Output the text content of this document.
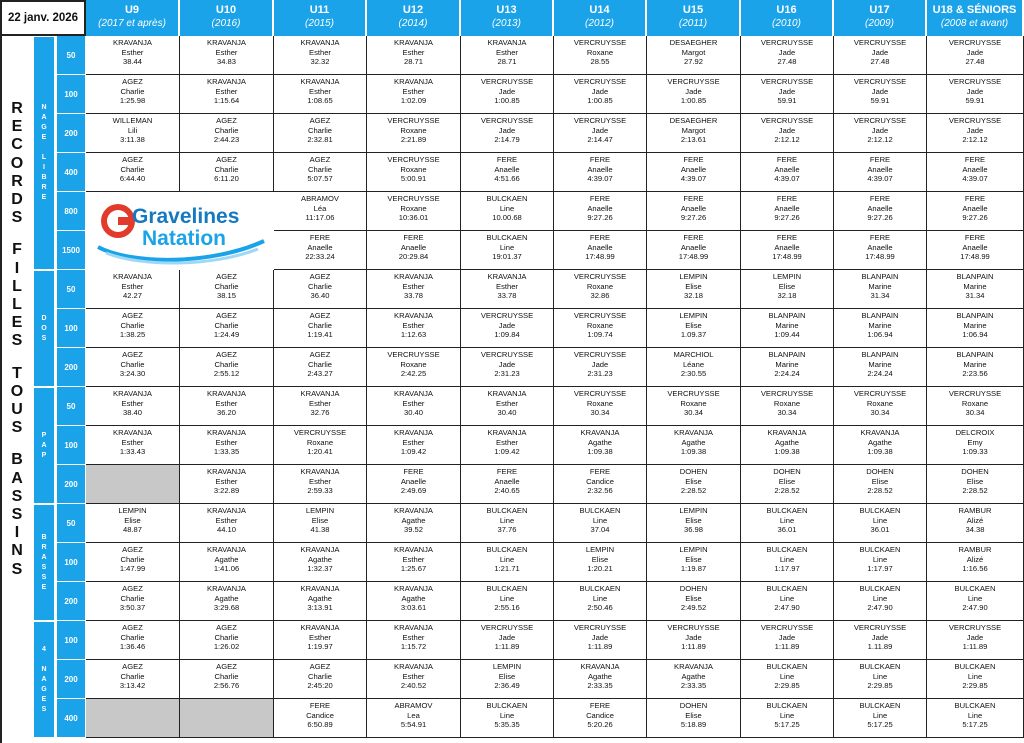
22 janv. 2026
U9
(2017 et après)
U10
(2016)
U11
(2015)
U12
(2014)
U13
(2013)
U14
(2012)
U15
(2011)
U16
(2010)
U17
(2009)
U18 & SÉNIORS
(2008 et avant)
R
E
C
O
R
D
S
F
I
L
L
E
S
T
O
U
S
B
A
S
S
I
N
S
50
KRAVANJA
Esther
38.44
KRAVANJA
Esther
34.83
KRAVANJA
Esther
32.32
KRAVANJA
Esther
28.71
KRAVANJA
Esther
28.71
VERCRUYSSE
Roxane
28.55
DESAEGHER
Margot
27.92
VERCRUYSSE
Jade
27.48
VERCRUYSSE
Jade
27.48
VERCRUYSSE
Jade
27.48
100
AGEZ
Charlie
1:25.98
KRAVANJA
Esther
1:15.64
KRAVANJA
Esther
1:08.65
KRAVANJA
Esther
1:02.09
VERCRUYSSE
Jade
1:00.85
VERCRUYSSE
Jade
1:00.85
VERCRUYSSE
Jade
1:00.85
VERCRUYSSE
Jade
59.91
VERCRUYSSE
Jade
59.91
VERCRUYSSE
Jade
59.91
200
WILLEMAN
Lili
3:11.38
AGEZ
Charlie
2:44.23
AGEZ
Charlie
2:32.81
VERCRUYSSE
Roxane
2:21.89
VERCRUYSSE
Jade
2:14.79
VERCRUYSSE
Jade
2:14.47
DESAEGHER
Margot
2:13.61
VERCRUYSSE
Jade
2:12.12
VERCRUYSSE
Jade
2:12.12
VERCRUYSSE
Jade
2:12.12
400
AGEZ
Charlie
6:44.40
AGEZ
Charlie
6:11.20
AGEZ
Charlie
5:07.57
VERCRUYSSE
Roxane
5:00.91
FERE
Anaelle
4:51.66
FERE
Anaelle
4:39.07
FERE
Anaelle
4:39.07
FERE
Anaelle
4:39.07
FERE
Anaelle
4:39.07
FERE
Anaelle
4:39.07
800
ABRAMOV
Léa
11:17.06
VERCRUYSSE
Roxane
10:36.01
BULCKAEN
Line
10.00.68
FERE
Anaelle
9:27.26
FERE
Anaelle
9:27.26
FERE
Anaelle
9:27.26
FERE
Anaelle
9:27.26
FERE
Anaelle
9:27.26
1500
FERE
Anaelle
22:33.24
FERE
Anaelle
20:29.84
BULCKAEN
Line
19:01.37
FERE
Anaelle
17:48.99
FERE
Anaelle
17:48.99
FERE
Anaelle
17:48.99
FERE
Anaelle
17:48.99
FERE
Anaelle
17:48.99
N
A
G
E

L
I
B
R
E
50
KRAVANJA
Esther
42.27
AGEZ
Charlie
38.15
AGEZ
Charlie
36.40
KRAVANJA
Esther
33.78
KRAVANJA
Esther
33.78
VERCRUYSSE
Roxane
32.86
LEMPIN
Elise
32.18
LEMPIN
Elise
32.18
BLANPAIN
Marine
31.34
BLANPAIN
Marine
31.34
100
AGEZ
Charlie
1:38.25
AGEZ
Charlie
1:24.49
AGEZ
Charlie
1:19.41
KRAVANJA
Esther
1:12.63
VERCRUYSSE
Jade
1:09.84
VERCRUYSSE
Roxane
1:09.74
LEMPIN
Elise
1.09.37
BLANPAIN
Marine
1:09.44
BLANPAIN
Marine
1:06.94
BLANPAIN
Marine
1:06.94
200
AGEZ
Charlie
3:24.30
AGEZ
Charlie
2:55.12
AGEZ
Charlie
2:43.27
VERCRUYSSE
Roxane
2:42.25
VERCRUYSSE
Jade
2:31.23
VERCRUYSSE
Jade
2:31.23
MARCHIOL
Léane
2:30.55
BLANPAIN
Marine
2:24.24
BLANPAIN
Marine
2:24.24
BLANPAIN
Marine
2:23.56
D
O
S
50
KRAVANJA
Esther
38.40
KRAVANJA
Esther
36.20
KRAVANJA
Esther
32.76
KRAVANJA
Esther
30.40
KRAVANJA
Esther
30.40
VERCRUYSSE
Roxane
30.34
VERCRUYSSE
Roxane
30.34
VERCRUYSSE
Roxane
30.34
VERCRUYSSE
Roxane
30.34
VERCRUYSSE
Roxane
30.34
100
KRAVANJA
Esther
1:33.43
KRAVANJA
Esther
1:33.35
VERCRUYSSE
Roxane
1:20.41
KRAVANJA
Esther
1:09.42
KRAVANJA
Esther
1:09.42
KRAVANJA
Agathe
1:09.38
KRAVANJA
Agathe
1:09.38
KRAVANJA
Agathe
1:09.38
KRAVANJA
Agathe
1:09.38
DELCROIX
Emy
1:09.33
200
KRAVANJA
Esther
3:22.89
KRAVANJA
Esther
2:59.33
FERE
Anaelle
2:49.69
FERE
Anaelle
2:40.65
FERE
Candice
2:32.56
DOHEN
Elise
2:28.52
DOHEN
Elise
2:28.52
DOHEN
Elise
2:28.52
DOHEN
Elise
2:28.52
P
A
P
50
LEMPIN
Elise
48.87
KRAVANJA
Esther
44.10
LEMPIN
Elise
41.38
KRAVANJA
Agathe
39.52
BULCKAEN
Line
37.76
BULCKAEN
Line
37.04
LEMPIN
Elise
36.98
BULCKAEN
Line
36.01
BULCKAEN
Line
36.01
RAMBUR
Alizé
34.38
100
AGEZ
Charlie
1:47.99
KRAVANJA
Agathe
1:41.06
KRAVANJA
Agathe
1:32.37
KRAVANJA
Esther
1:25.67
BULCKAEN
Line
1:21.71
LEMPIN
Elise
1:20.21
LEMPIN
Elise
1:19.87
BULCKAEN
Line
1:17.97
BULCKAEN
Line
1:17.97
RAMBUR
Alizé
1:16.56
200
AGEZ
Charlie
3:50.37
KRAVANJA
Agathe
3:29.68
KRAVANJA
Agathe
3:13.91
KRAVANJA
Agathe
3:03.61
BULCKAEN
Line
2:55.16
BULCKAEN
Line
2:50.46
DOHEN
Elise
2:49.52
BULCKAEN
Line
2:47.90
BULCKAEN
Line
2:47.90
BULCKAEN
Line
2:47.90
B
R
A
S
S
E
100
AGEZ
Charlie
1:36.46
AGEZ
Charlie
1:26.02
KRAVANJA
Esther
1:19.97
KRAVANJA
Esther
1:15.72
VERCRUYSSE
Jade
1:11.89
VERCRUYSSE
Jade
1:11.89
VERCRUYSSE
Jade
1:11.89
VERCRUYSSE
Jade
1:11.89
VERCRUYSSE
Jade
1.11.89
VERCRUYSSE
Jade
1:11.89
200
AGEZ
Charlie
3:13.42
AGEZ
Charlie
2:56.76
AGEZ
Charlie
2:45:20
KRAVANJA
Esther
2:40.52
LEMPIN
Elise
2:36.49
KRAVANJA
Agathe
2:33.35
KRAVANJA
Agathe
2:33.35
BULCKAEN
Line
2:29.85
BULCKAEN
Line
2:29.85
BULCKAEN
Line
2:29.85
400
FERE
Candice
6:50.89
ABRAMOV
Lea
5:54.91
BULCKAEN
Line
5:35.35
FERE
Candice
5:20.26
DOHEN
Elise
5:18.89
BULCKAEN
Line
5:17.25
BULCKAEN
Line
5:17.25
BULCKAEN
Line
5:17.25
4

N
A
G
E
S
Gravelines
Natation
